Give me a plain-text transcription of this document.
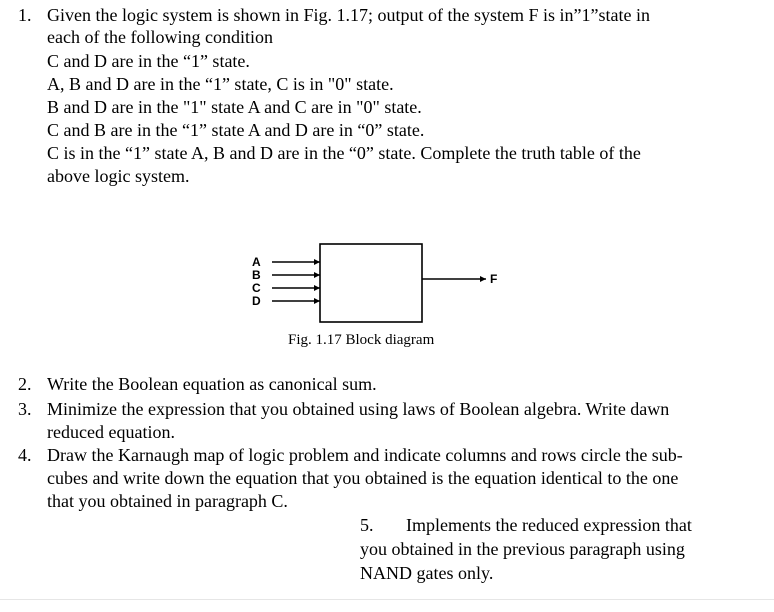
1. Given the logic system is shown in Fig. 1.17; output of the system F is in”1”state in
each of the following condition
C and D are in the “1” state.
A, B and D are in the “1” state, C is in "0" state.
B and D are in the "1" state A and C are in "0" state.
C and B are in the “1” state A and D are in “0” state.
C is in the “1” state A, B and D are in the “0” state. Complete the truth table of the
above logic system.
A
B
C
D
F
Fig. 1.17 Block diagram
2. Write the Boolean equation as canonical sum.
3. Minimize the expression that you obtained using laws of Boolean algebra. Write dawn
reduced equation.
4. Draw the Karnaugh map of logic problem and indicate columns and rows circle the sub-
cubes and write down the equation that you obtained is the equation identical to the one
that you obtained in paragraph C.
5. Implements the reduced expression that
you obtained in the previous paragraph using
NAND gates only.
